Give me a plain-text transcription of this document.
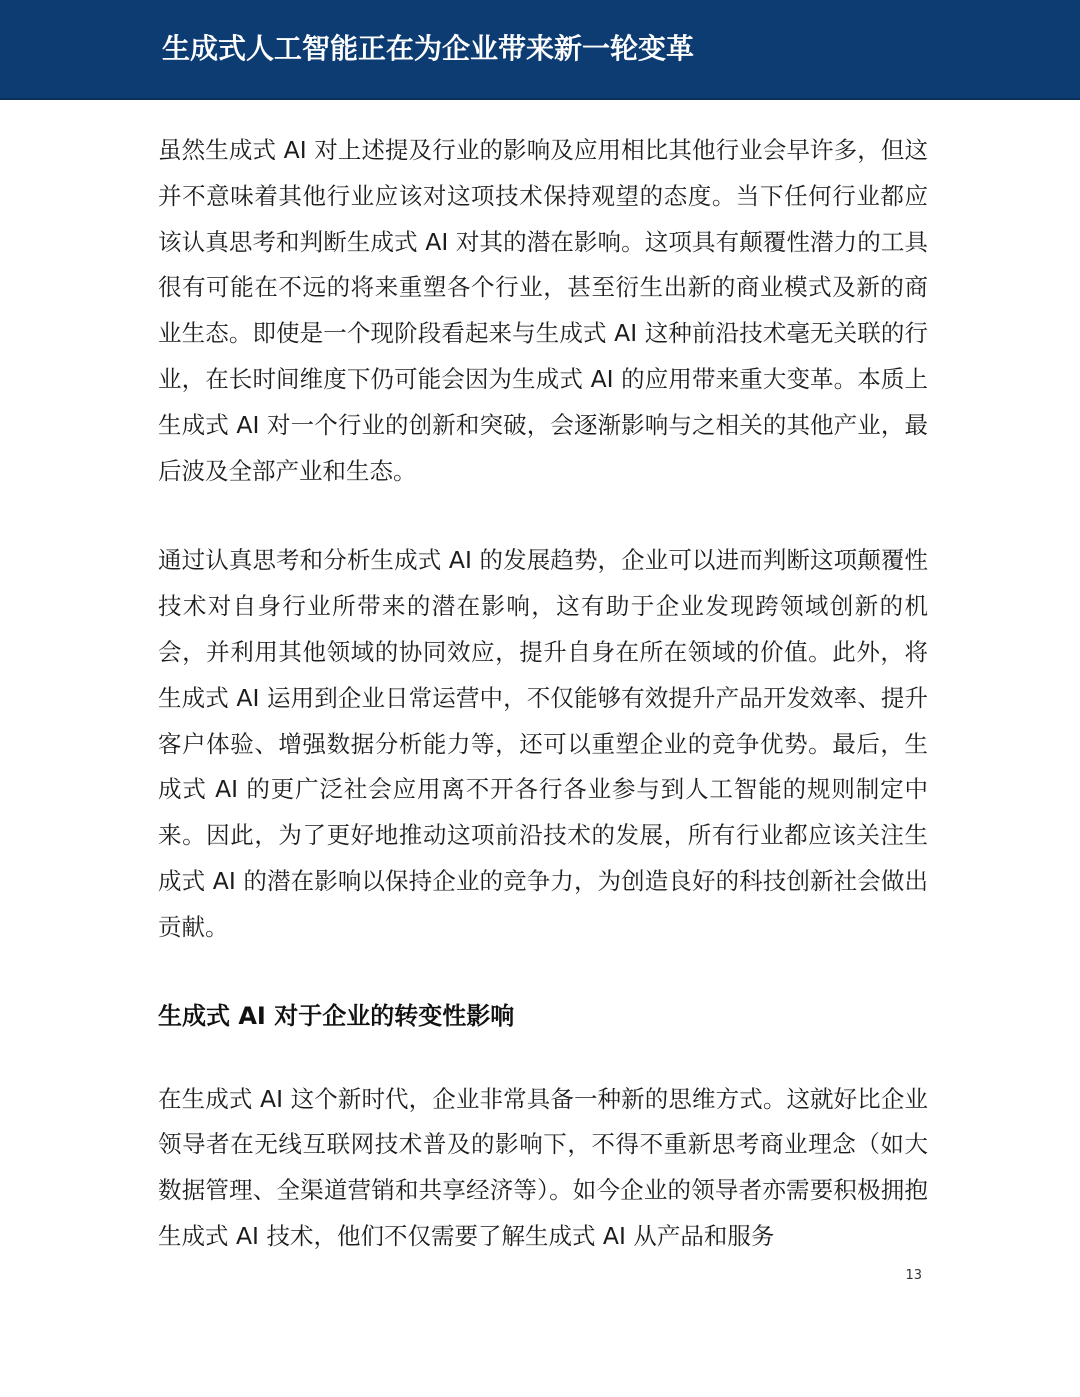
生成式人工智能正在为企业带来新一轮变革

虽然生成式 AI 对上述提及行业的影响及应用相比其他行业会早许多，但这并不意味着其他行业应该对这项技术保持观望的态度。当下任何行业都应该认真思考和判断生成式 AI 对其的潜在影响。这项具有颠覆性潜力的工具很有可能在不远的将来重塑各个行业，甚至衍生出新的商业模式及新的商业生态。即使是一个现阶段看起来与生成式 AI 这种前沿技术毫无关联的行业，在长时间维度下仍可能会因为生成式 AI 的应用带来重大变革。本质上生成式 AI 对一个行业的创新和突破，会逐渐影响与之相关的其他产业，最后波及全部产业和生态。

通过认真思考和分析生成式 AI 的发展趋势，企业可以进而判断这项颠覆性技术对自身行业所带来的潜在影响，这有助于企业发现跨领域创新的机会，并利用其他领域的协同效应，提升自身在所在领域的价值。此外，将生成式 AI 运用到企业日常运营中，不仅能够有效提升产品开发效率、提升客户体验、增强数据分析能力等，还可以重塑企业的竞争优势。最后，生成式 AI 的更广泛社会应用离不开各行各业参与到人工智能的规则制定中来。因此，为了更好地推动这项前沿技术的发展，所有行业都应该关注生成式 AI 的潜在影响以保持企业的竞争力，为创造良好的科技创新社会做出贡献。

生成式 AI 对于企业的转变性影响

在生成式 AI 这个新时代，企业非常具备一种新的思维方式。这就好比企业领导者在无线互联网技术普及的影响下，不得不重新思考商业理念（如大数据管理、全渠道营销和共享经济等）。如今企业的领导者亦需要积极拥抱生成式 AI 技术，他们不仅需要了解生成式 AI 从产品和服务

13
